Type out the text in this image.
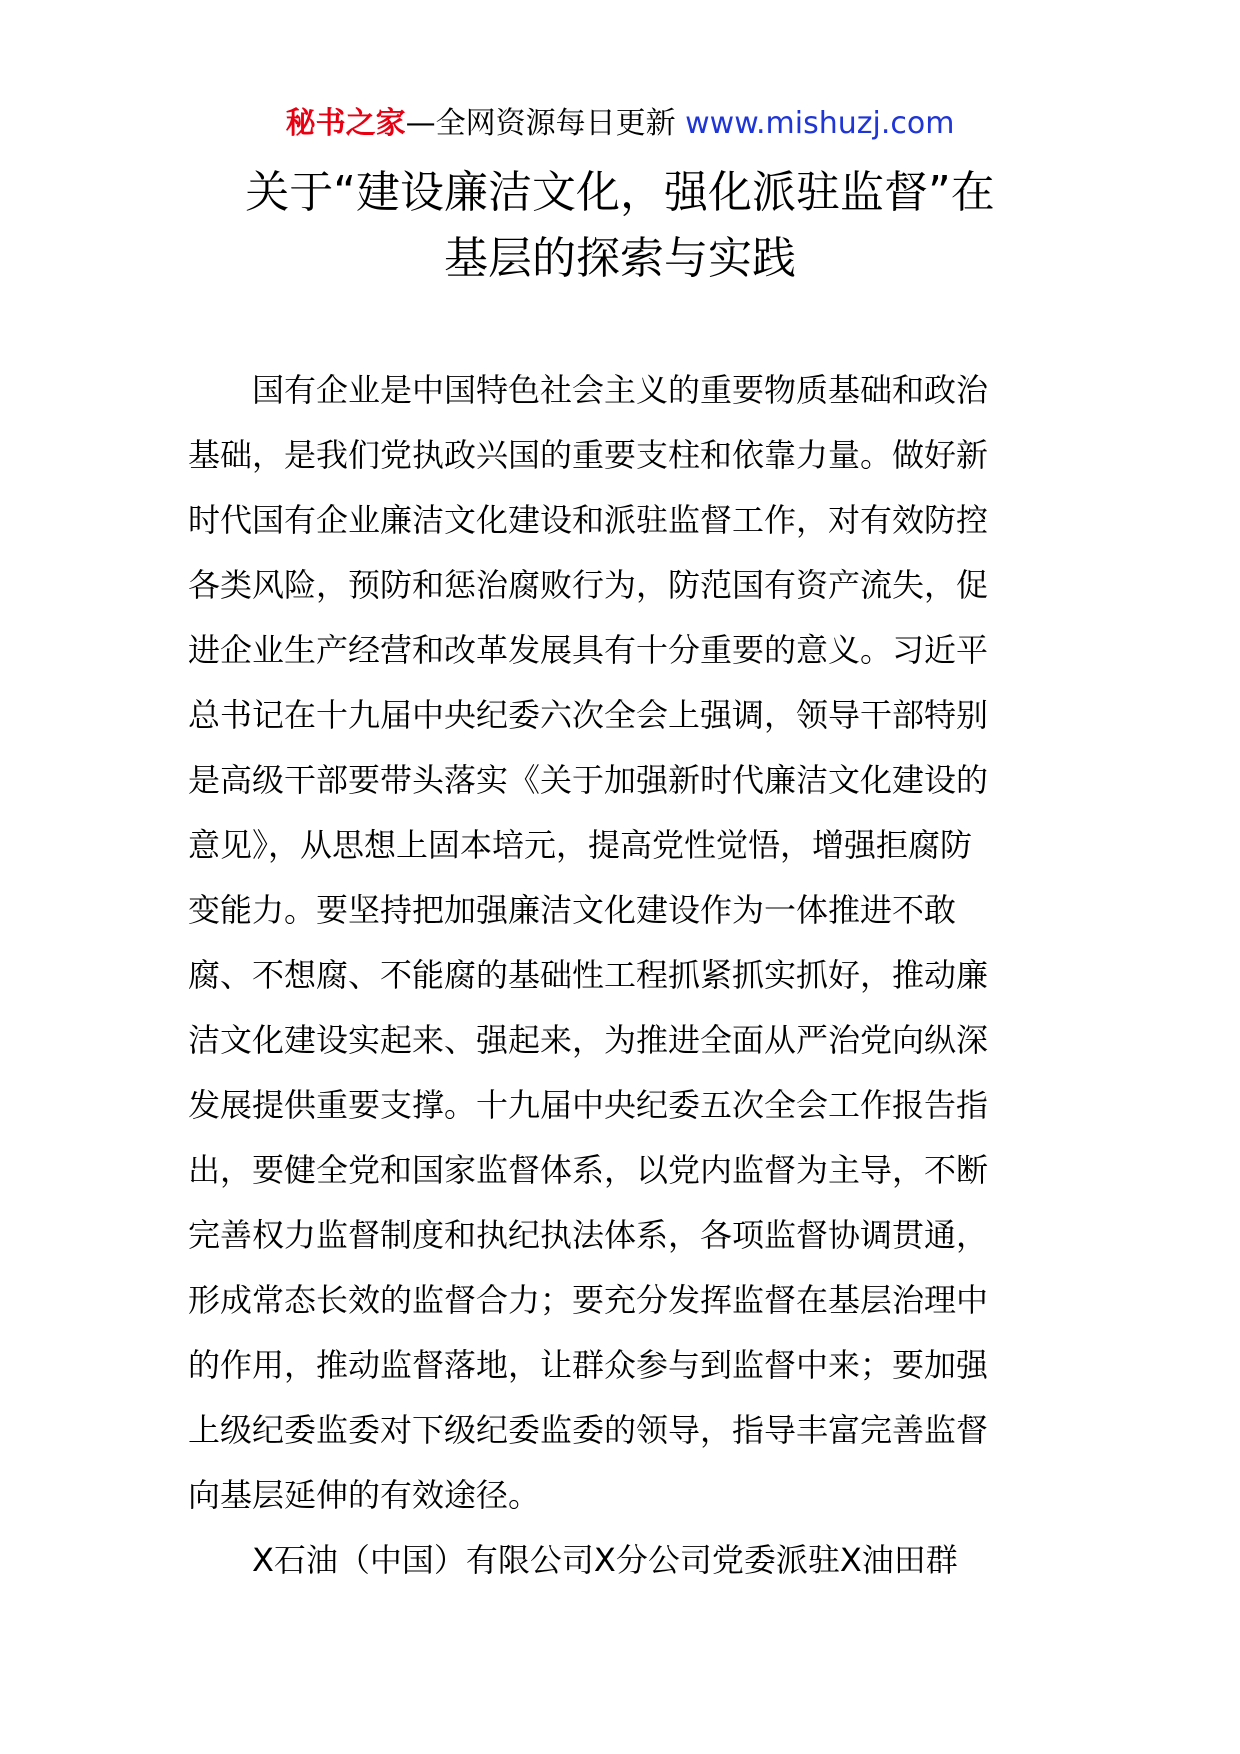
秘书之家—全网资源每日更新 www.mishuzj.com
关于“建设廉洁文化，强化派驻监督”在
基层的探索与实践
国有企业是中国特色社会主义的重要物质基础和政治
基础，是我们党执政兴国的重要支柱和依靠力量。做好新
时代国有企业廉洁文化建设和派驻监督工作，对有效防控
各类风险，预防和惩治腐败行为，防范国有资产流失，促
进企业生产经营和改革发展具有十分重要的意义。习近平
总书记在十九届中央纪委六次全会上强调，领导干部特别
是高级干部要带头落实《关于加强新时代廉洁文化建设的
意见》，从思想上固本培元，提高党性觉悟，增强拒腐防
变能力。要坚持把加强廉洁文化建设作为一体推进不敢
腐、不想腐、不能腐的基础性工程抓紧抓实抓好，推动廉
洁文化建设实起来、强起来，为推进全面从严治党向纵深
发展提供重要支撑。十九届中央纪委五次全会工作报告指
出，要健全党和国家监督体系，以党内监督为主导，不断
完善权力监督制度和执纪执法体系，各项监督协调贯通，
形成常态长效的监督合力；要充分发挥监督在基层治理中
的作用，推动监督落地，让群众参与到监督中来；要加强
上级纪委监委对下级纪委监委的领导，指导丰富完善监督
向基层延伸的有效途径。
X石油（中国）有限公司X分公司党委派驻X油田群
